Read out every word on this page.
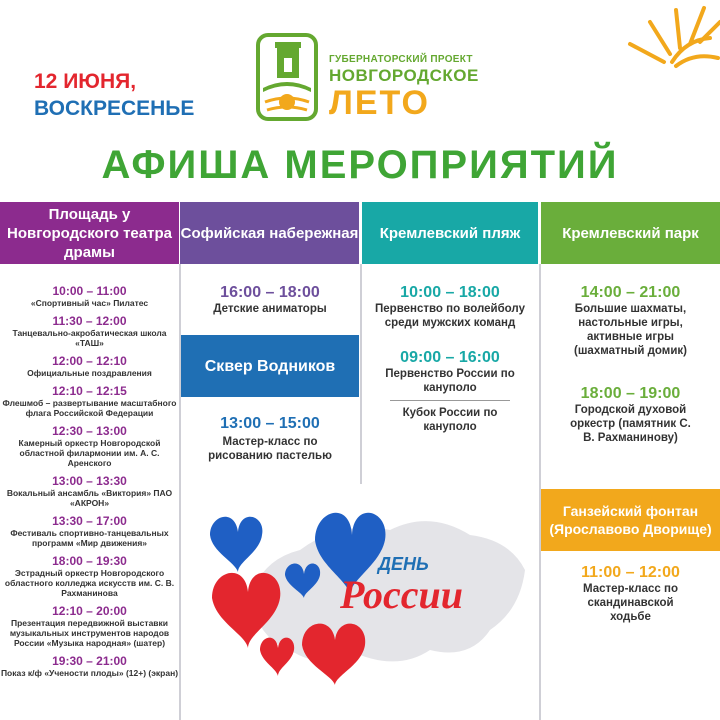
12 ИЮНЯ,
ВОСКРЕСЕНЬЕ
ГУБЕРНАТОРСКИЙ ПРОЕКТ
НОВГОРОДСКОЕ
ЛЕТО
АФИША МЕРОПРИЯТИЙ
Площадь у Новгородского театра драмы
Софийская набережная	Кремлевский пляж	Кремлевский парк
Сквер Водников
Ганзейский фонтан
(Ярославово Дворище)
10:00 – 11:00
«Спортивный час» Пилатес
11:30 – 12:00
Танцевально-акробатическая школа «ТАШ»
12:00 – 12:10
Официальные поздравления
12:10 – 12:15
Флешмоб – развертывание масштабного флага Российской Федерации
12:30 – 13:00
Камерный оркестр Новгородской областной филармонии им. А. С. Аренского
13:00 – 13:30
Вокальный ансамбль «Виктория» ПАО «АКРОН»
13:30 – 17:00
Фестиваль спортивно-танцевальных программ «Мир движения»
18:00 – 19:30
Эстрадный оркестр Новгородского областного колледжа искусств им. С. В. Рахманинова
12:10 – 20:00
Презентация передвижной выставки музыкальных инструментов народов России «Музыка народная» (шатер)
19:30 – 21:00
Показ к/ф «Учености плоды» (12+) (экран)
16:00 – 18:00
Детские аниматоры
13:00 – 15:00
Мастер-класс по рисованию пастелью
10:00 – 18:00
Первенство по волейболу среди мужских команд
09:00 – 16:00
Первенство России по кануполо
Кубок России по кануполо
14:00 – 21:00
Большие шахматы, настольные игры, активные игры (шахматный домик)
18:00 – 19:00
Городской духовой оркестр (памятник С. В. Рахманинову)
11:00 – 12:00
Мастер-класс по скандинавской ходьбе
ДЕНЬ
России
